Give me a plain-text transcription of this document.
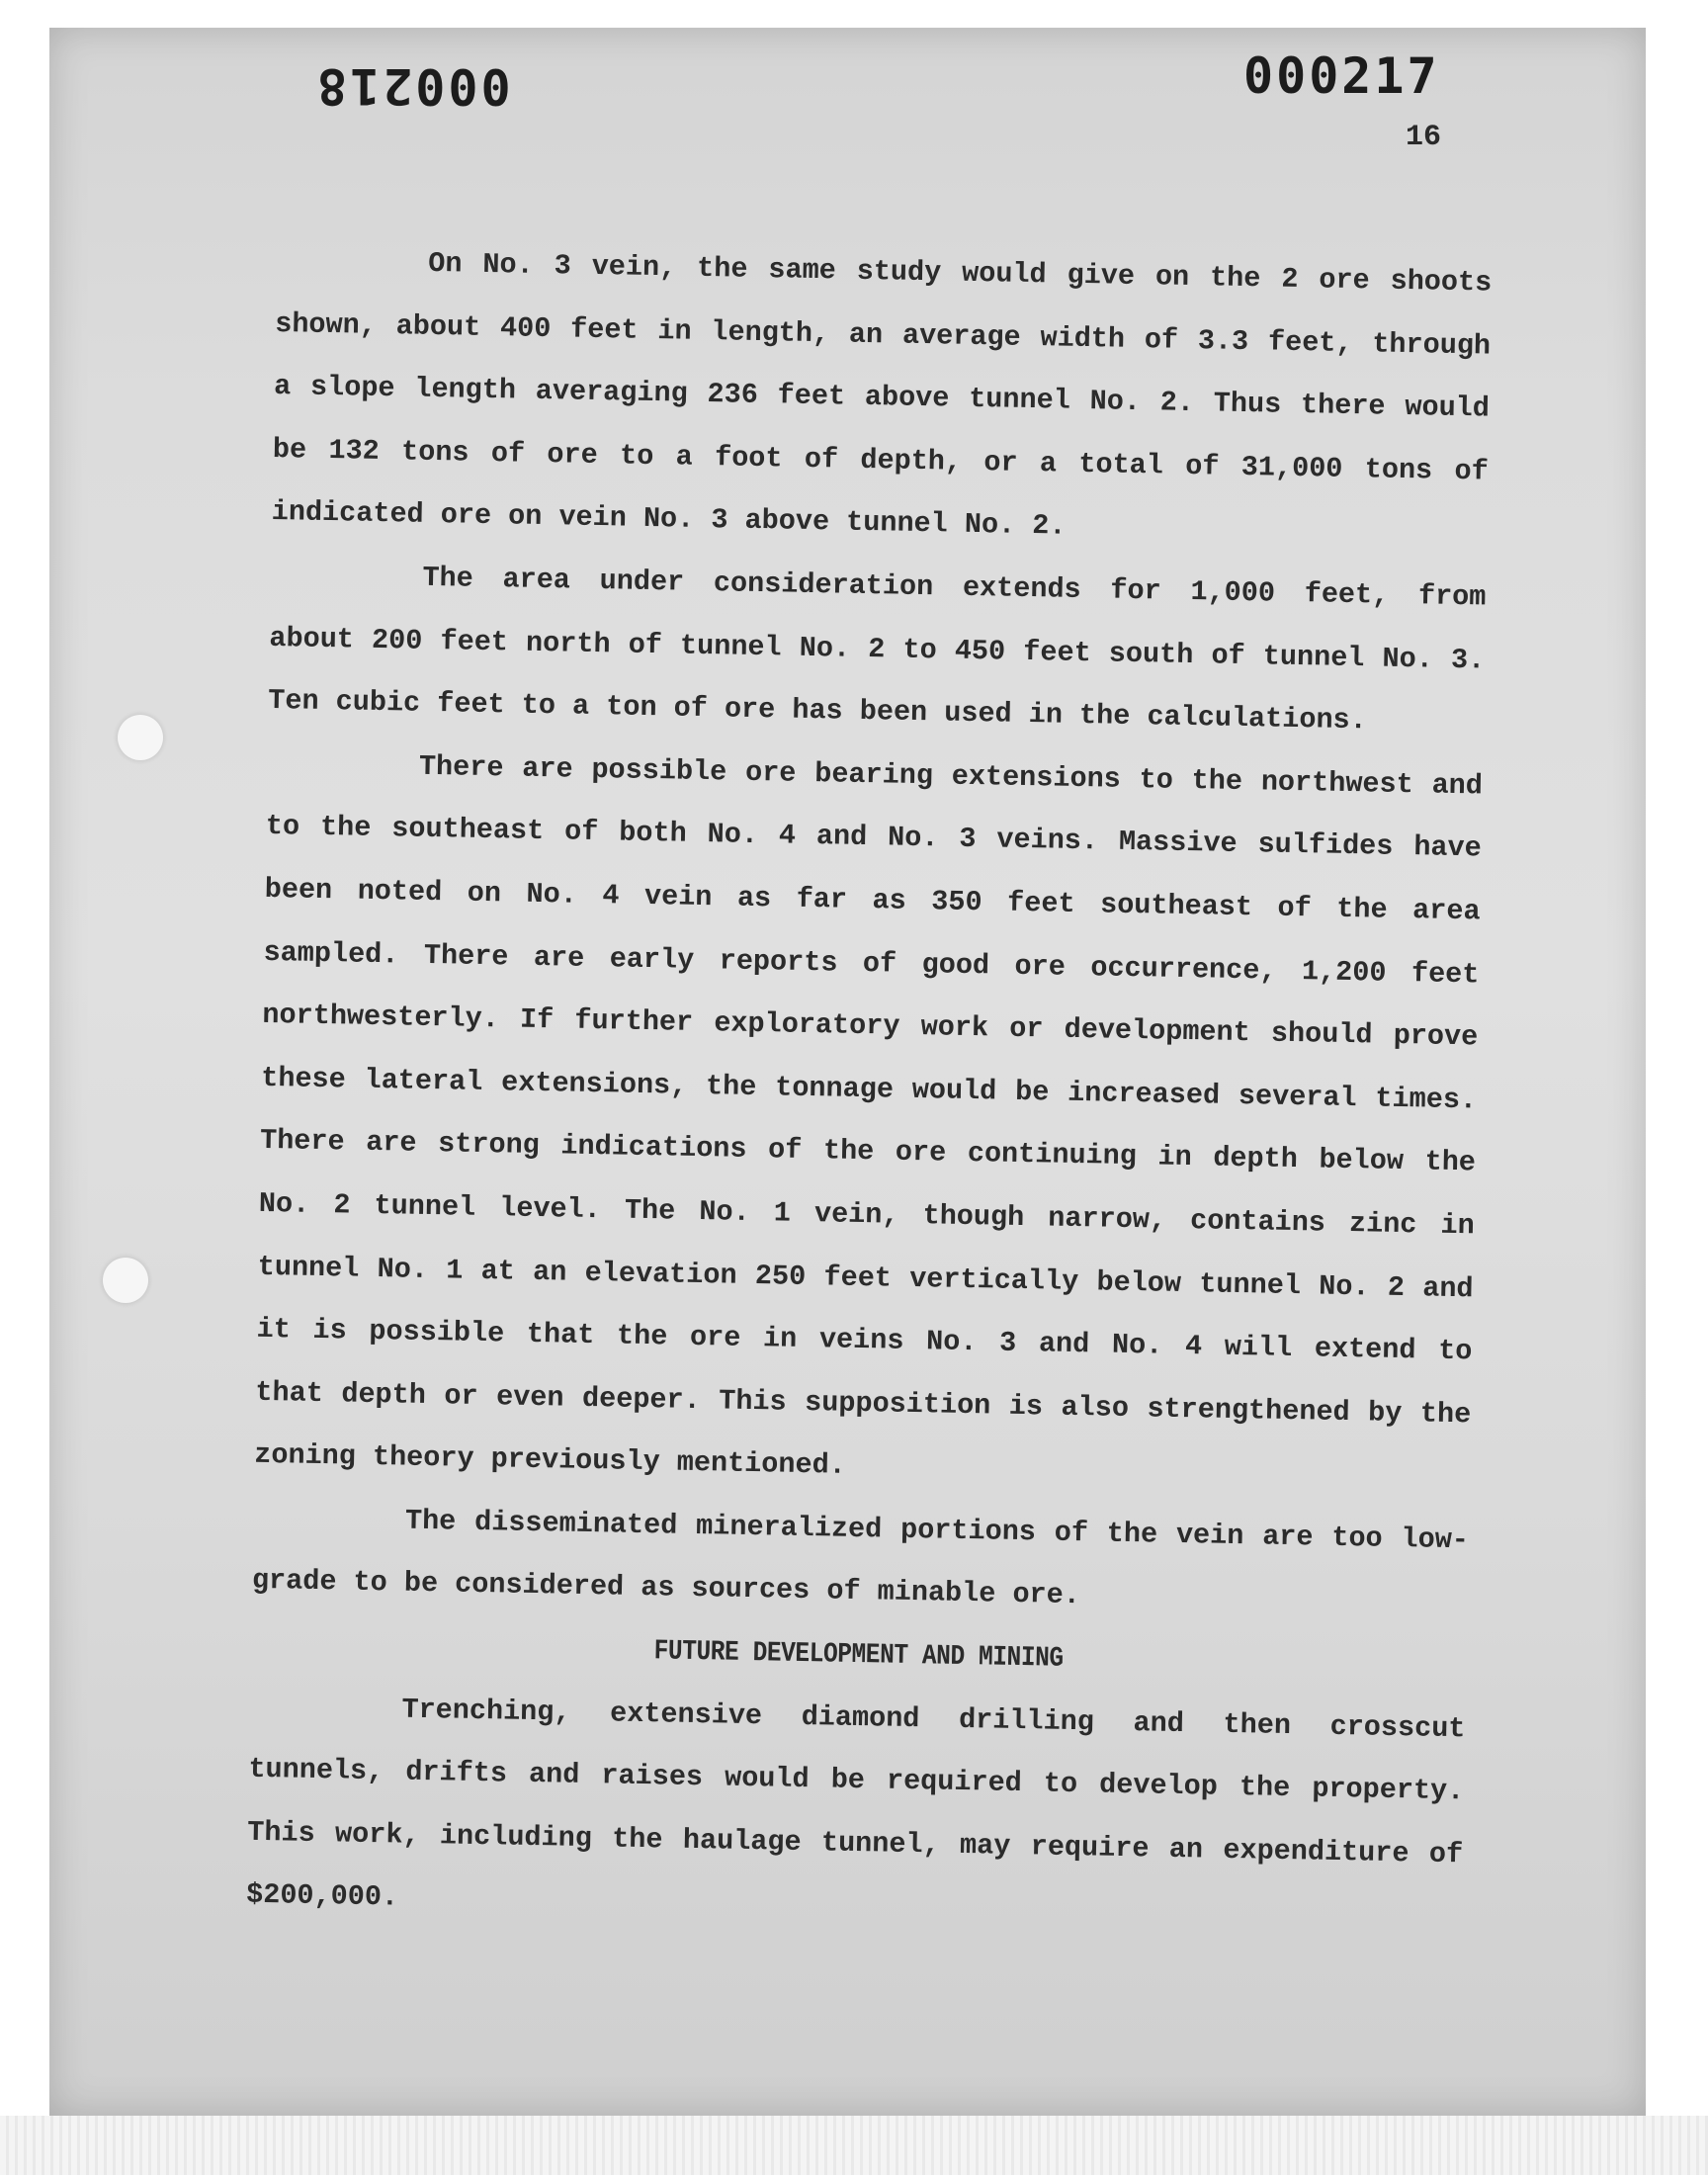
000218	000217
16

On No. 3 vein, the same study would give on the 2 ore shoots shown, about 400 feet in length, an average width of 3.3 feet, through a slope length averaging 236 feet above tunnel No. 2. Thus there would be 132 tons of ore to a foot of depth, or a total of 31,000 tons of indicated ore on vein No. 3 above tunnel No. 2.

The area under consideration extends for 1,000 feet, from about 200 feet north of tunnel No. 2 to 450 feet south of tunnel No. 3. Ten cubic feet to a ton of ore has been used in the calculations.

There are possible ore bearing extensions to the northwest and to the southeast of both No. 4 and No. 3 veins. Massive sulfides have been noted on No. 4 vein as far as 350 feet southeast of the area sampled. There are early reports of good ore occurrence, 1,200 feet northwesterly. If further exploratory work or development should prove these lateral extensions, the tonnage would be increased several times. There are strong indications of the ore continuing in depth below the No. 2 tunnel level. The No. 1 vein, though narrow, contains zinc in tunnel No. 1 at an elevation 250 feet vertically below tunnel No. 2 and it is possible that the ore in veins No. 3 and No. 4 will extend to that depth or even deeper. This supposition is also strengthened by the zoning theory previously mentioned.

The disseminated mineralized portions of the vein are too low-grade to be considered as sources of minable ore.

FUTURE DEVELOPMENT AND MINING

Trenching, extensive diamond drilling and then crosscut tunnels, drifts and raises would be required to develop the property. This work, including the haulage tunnel, may require an expenditure of $200,000.
